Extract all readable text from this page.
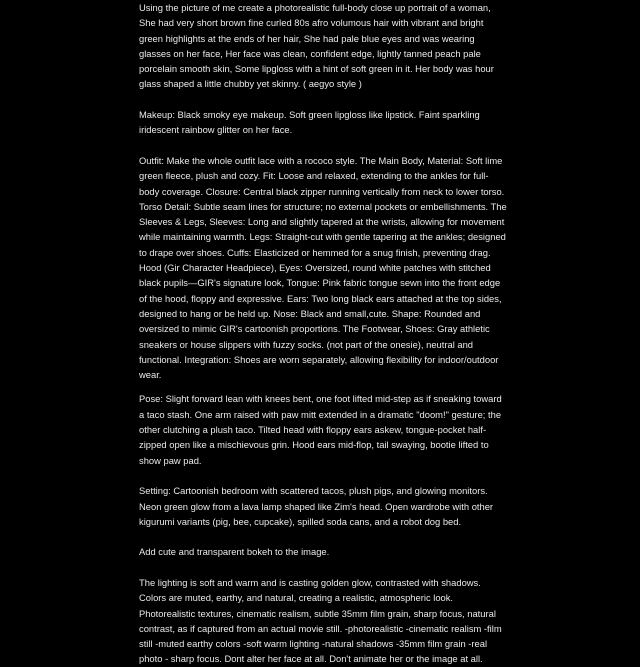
Using the picture of me create a photorealistic full-body close up portrait of a woman, She had very short brown fine curled 80s afro volumous hair with vibrant and bright green highlights at the ends of her hair, She had pale blue eyes and was wearing glasses on her face, Her face was clean, confident edge, lightly tanned peach pale porcelain smooth skin, Some lipgloss with a hint of soft green in it. Her body was hour glass shaped a little chubby yet skinny. ( aegyo style )

Makeup: Black smoky eye makeup. Soft green lipgloss like lipstick. Faint sparkling iridescent rainbow glitter on her face.

Outfit: Make the whole outfit lace with a rococo style. The Main Body, Material: Soft lime green fleece, plush and cozy. Fit: Loose and relaxed, extending to the ankles for full-body coverage. Closure: Central black zipper running vertically from neck to lower torso. Torso Detail: Subtle seam lines for structure; no external pockets or embellishments. The Sleeves & Legs, Sleeves: Long and slightly tapered at the wrists, allowing for movement while maintaining warmth. Legs: Straight-cut with gentle tapering at the ankles; designed to drape over shoes. Cuffs: Elasticized or hemmed for a snug finish, preventing drag. Hood (Gir Character Headpiece), Eyes: Oversized, round white patches with stitched black pupils—GIR's signature look, Tongue: Pink fabric tongue sewn into the front edge of the hood, floppy and expressive. Ears: Two long black ears attached at the top sides, designed to hang or be held up. Nose: Black and small,cute. Shape: Rounded and oversized to mimic GIR's cartoonish proportions. The Footwear, Shoes: Gray athletic sneakers or house slippers with fuzzy socks. (not part of the onesie), neutral and functional. Integration: Shoes are worn separately, allowing flexibility for indoor/outdoor wear.

Pose: Slight forward lean with knees bent, one foot lifted mid-step as if sneaking toward a taco stash. One arm raised with paw mitt extended in a dramatic "doom!" gesture; the other clutching a plush taco. Tilted head with floppy ears askew, tongue-pocket half-zipped open like a mischievous grin. Hood ears mid-flop, tail swaying, bootie lifted to show paw pad.

Setting: Cartoonish bedroom with scattered tacos, plush pigs, and glowing monitors. Neon green glow from a lava lamp shaped like Zim's head. Open wardrobe with other kigurumi variants (pig, bee, cupcake), spilled soda cans, and a robot dog bed.

Add cute and transparent bokeh to the image.

The lighting is soft and warm and is casting golden glow, contrasted with shadows. Colors are muted, earthy, and natural, creating a realistic, atmospheric look. Photorealistic textures, cinematic realism, subtle 35mm film grain, sharp focus, natural contrast, as if captured from an actual movie still. -photorealistic -cinematic realism -film still -muted earthy colors -soft warm lighting -natural shadows -35mm film grain -real photo - sharp focus. Dont alter her face at all. Don't animate her or the image at all.
